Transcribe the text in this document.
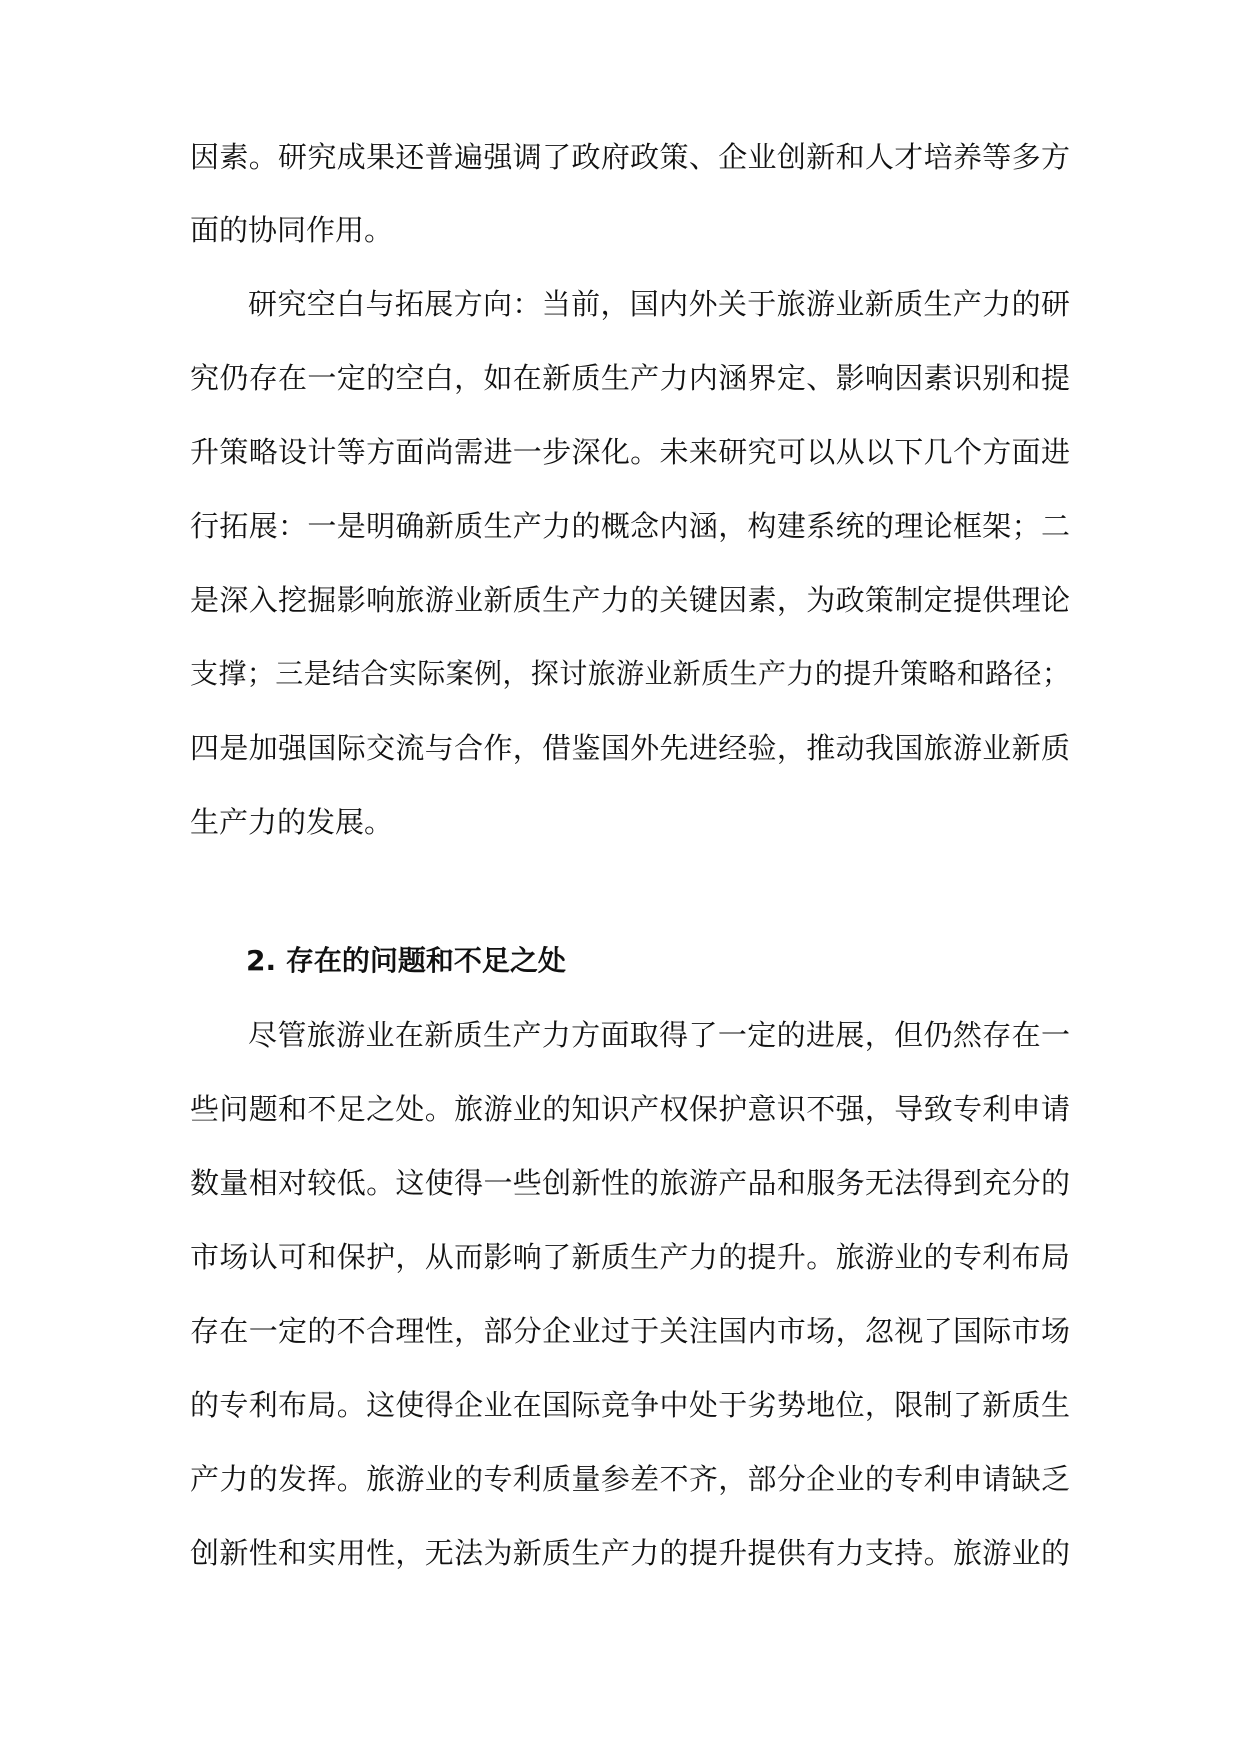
因素。研究成果还普遍强调了政府政策、企业创新和人才培养等多方
面的协同作用。
研究空白与拓展方向：当前，国内外关于旅游业新质生产力的研
究仍存在一定的空白，如在新质生产力内涵界定、影响因素识别和提
升策略设计等方面尚需进一步深化。未来研究可以从以下几个方面进
行拓展：一是明确新质生产力的概念内涵，构建系统的理论框架；二
是深入挖掘影响旅游业新质生产力的关键因素，为政策制定提供理论
支撑；三是结合实际案例，探讨旅游业新质生产力的提升策略和路径；
四是加强国际交流与合作，借鉴国外先进经验，推动我国旅游业新质
生产力的发展。
2. 存在的问题和不足之处
尽管旅游业在新质生产力方面取得了一定的进展，但仍然存在一
些问题和不足之处。旅游业的知识产权保护意识不强，导致专利申请
数量相对较低。这使得一些创新性的旅游产品和服务无法得到充分的
市场认可和保护，从而影响了新质生产力的提升。旅游业的专利布局
存在一定的不合理性，部分企业过于关注国内市场，忽视了国际市场
的专利布局。这使得企业在国际竞争中处于劣势地位，限制了新质生
产力的发挥。旅游业的专利质量参差不齐，部分企业的专利申请缺乏
创新性和实用性，无法为新质生产力的提升提供有力支持。旅游业的
